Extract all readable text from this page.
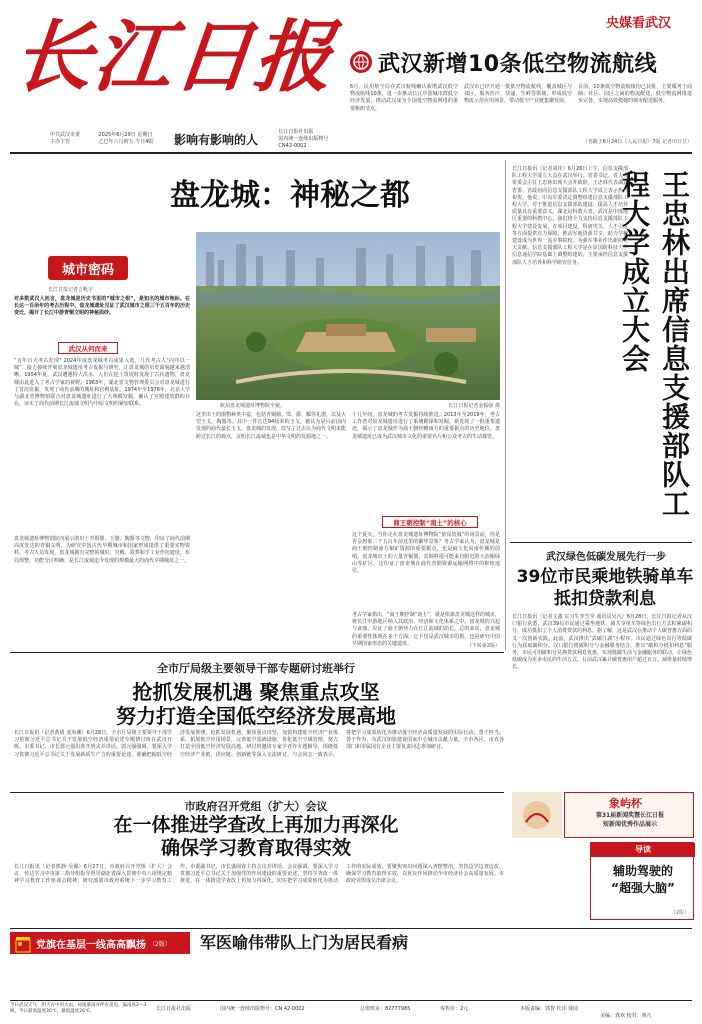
长江日报	央媒看武汉
武汉新增10条低空物流航线
6月，民用航空局在武汉航线确认新增武汉低空物流航线10条，进一步推动长江中游城市群低空经济发展，推动武汉成为全国低空物流网络的重要枢纽节点。
武汉市已经开通一批低空物流航线，覆盖城区与郊区，服务医疗、快递、生鲜等领域，形成低空物流示范应用场景，带动低空产业链集聚发展。
目前，10条低空物流航线均已获批，主要服务于商圈、社区、园区之间的物流配送，低空物流网络逐步完善，实现高效便捷的城市配送服务。
（刊载于6月24日《人民日报》7版 记者田豆豆）
中共武汉市委
主办主管
2025年6月29日 星期日
乙巳年六月初五 今日4版	影响有影响的人
长江日报社出版
国内统一连续出版物号 CN42-0002
盘龙城：神秘之都
城市密码
长江日报记者吉帆宇
对多数武汉人而言，盘龙城是历史书里的“城市之根”，是知名的城市地标。在长达一百余年的考古历程中，盘龙城遗址见证了武汉城市之根三千五百年的历史变迁，揭开了长江中游青铜文明的神秘面纱。
武汉从何而来
“百年百大考古发现” 2024年度盘龙城考古成果入选，几代考古人“向年以一城”，接力接续开展盘龙城遗址考古发掘与研究，让盘龙城的历史面貌越来越清晰。1954年夏，武汉遭遇特大洪水，人们在挖土筑堤时发现了古代遗物，盘龙城由此进入了考古学家的视野。1963年，湖北省文物管理委员会对盘龙城进行了首次发掘，发现了商代前期的城址和宫殿基址。1974年至1976年，北京大学与湖北省博物馆联合对盘龙城遗址进行了大规模发掘，确认了宫殿建筑群的存在，证实了商代前期长江流域文明与中原文明的紧密联系。
盘龙城遗址博物馆院内展示的出土青铜器、玉器、陶器等文物，印证了商代前期高度发达的青铜文明，为研究中国古代早期城市和国家形成提供了重要实物资料。考古人员发现，盘龙城拥有完整的城垣、宫殿、墓葬和手工业作坊遗址，布局规整，功能分区明确，是长江流域迄今发现的规模最大的商代早期城址之一。
航拍盘龙城遗址博物院全貌。	长江日报记者金振强 摄
这里出土的器物种类丰富，包括青铜鼎、斝、爵、觚等礼器，以及大型玉戈、陶器等。其中一件长达94厘米的玉戈，被认为是目前国内发现的商代最长玉戈。盘龙城的发现，改写了过去认为商代文明未能跨过长江的观点，证明长江流域也是中华文明的发源地之一。
十几年间，盘龙城的考古发掘持续推进。2013年至2019年，考古工作者对盘龙城遗址进行了系统勘探和发掘，新发现了一批重要遗迹，揭示了盘龙城作为商王朝经略南方的重要据点的历史地位。盘龙城遗址已成为武汉城市文化的重要名片和公众考古的生动课堂。
商王朝控制“南土”的核心
这个夏天，当你走在盘龙城遗址博物院“依岗筑城”的场景前，你是否会想象三千五百年前这里的繁华景象？考古学家认为，盘龙城是商王朝控制南方铜矿资源的重要据点，也是商文化向南传播的前哨。盘龙城出土的大量青铜器，其铜料很可能来自附近的大冶铜绿山等矿区，这印证了盘龙城在商代青铜资源运输网络中的枢纽地位。
考古学家指出，“商王朝控制”南土”，就是依靠盘龙城这样的城市，将长江中游地区纳入其政治、经济和文化体系之中。盘龙城的兴起与衰落，见证了商王朝势力在长江流域的消长。总的来说，盘龙城的重要性体现在多个方面，它不仅是武汉城市的根，也是研究中国早期国家形态的关键遗址。	（下转第2版）
王忠林出席信息支援部队工程大学成立大会
长江日报讯（记者刘佳）6月26日上午，信息支援部队工程大学成立大会在武汉举行。省委书记、省人大常委会主任王忠林出席大会并致辞。王忠林代表湖北省委、省政府向信息支援部队工程大学成立表示热烈祝贺。他说，中央军委决定调整组建信息支援部队工程大学，对于推进信息支援部队建设、提高人才培养质量具有重要意义。湖北是科教大省，武汉是中部地区重要的科教中心，我们将全力支持信息支援部队工程大学建设发展，在项目建设、科研攻关、人才引进等方面提供有力保障，推动军地资源共享，助力学校建设成为世界一流军事院校，为强军事业作出新的更大贡献。信息支援部队工程大学是在原国防科技大学信息通信学院基础上调整组建的，主要承担信息支援部队人才培养和科学研究任务。
武汉绿色低碳发展先行一步
39位市民乘地铁骑单车抵扣贷款利息
长江日报讯（记者文鑫 实习生李雪莹 通讯员吴凡）6月28日，长江日报记者从汉口银行获悉，武汉39位市民通过乘坐地铁、骑共享单车等绿色出行方式积累碳积分，成功抵扣了个人消费贷款的利息。据了解，这是武汉在推动个人碳普惠方面的又一次创新实践。此前，武汉推出“武碳江湖”小程序，市民通过绿色出行等低碳行为获取碳积分。汉口银行将碳积分与金融服务结合，推出“碳积分抵扣利息”服务，市民可用碳积分兑换贷款利息优惠，实现低碳生活与金融服务的联动，让绿色低碳成为更多市民的生活方式。目前武汉累计碳普惠用户超过百万，减排量持续增长。
象屿杯
第31届新闻奖暨长江日报
短新闻优秀作品展示
导读
辅助驾驶的
“超强大脑”
（2版）
全市厅局级主要领导干部专题研讨班举行
抢抓发展机遇 聚焦重点攻坚
努力打造全国低空经济发展高地
长江日报讯（记者黄倩 姜海潮）6月28日，全市厅局级主要领导干部学习贯彻习近平总书记关于发展低空经济重要论述专题研讨班在武汉开班。市委书记、市长郭元强出席开班式并讲话。郭元强强调，要深入学习贯彻习近平总书记关于发展新质生产力的重要论述，准确把握低空经济发展规律，抢抓发展机遇，聚焦重点攻坚，加快构建低空经济产业体系，拓展低空应用场景，完善低空基础设施，优化低空空域管理，努力打造全国低空经济发展高地。研讨班邀请专家学者作专题辅导，围绕低空经济产业链、供应链、创新链等深入交流研讨。与会同志一致表示，将把学习成果转化为推动低空经济高质量发展的实际行动，勇于担当、善于作为，为武汉加快建设国家中心城市贡献力量。全市各区、市直各部门和市属国有企业主要负责同志参加研讨。
市政府召开党组（扩大）会议
在一体推进学查改上再加力再深化
确保学习教育取得实效
长江日报讯（记者熊静 吴佩）6月27日，市政府召开党组（扩大）会议，传达学习中央第三指导组指导督导湖北省深入贯彻中央八项规定精神学习教育工作座谈会精神，研究部署市政府系统下一步学习教育工作。市委副书记、市长盛阅春主持会议并讲话。会议强调，要深入学习贯彻习近平总书记关于加强党的作风建设的重要论述，坚持学查改一体推进，在一体推进学查改上再加力再深化，切实把学习成果转化为推动工作的实际成效。要聚焦突出问题深入查摆整治，坚持边学边查边改，确保学习教育取得实效，以优良作风推动全市经济社会高质量发展。市政府党组成员出席会议。
党旗在基层一线高高飘扬 （2版） 军医喻伟带队上门为居民看病
今日武汉天气：阴天有中到大雨，局地暴雨并伴有雷电，偏南风2～3级。今日最高温度30℃，最低温度26℃。	长江日报社出版	国内统一连续出版物号：CN 42-0002	总值班室：82777985	零售价：2元	本版责编：郭智 杜玮 徐园
美编：龚欢 校对：黄凡
